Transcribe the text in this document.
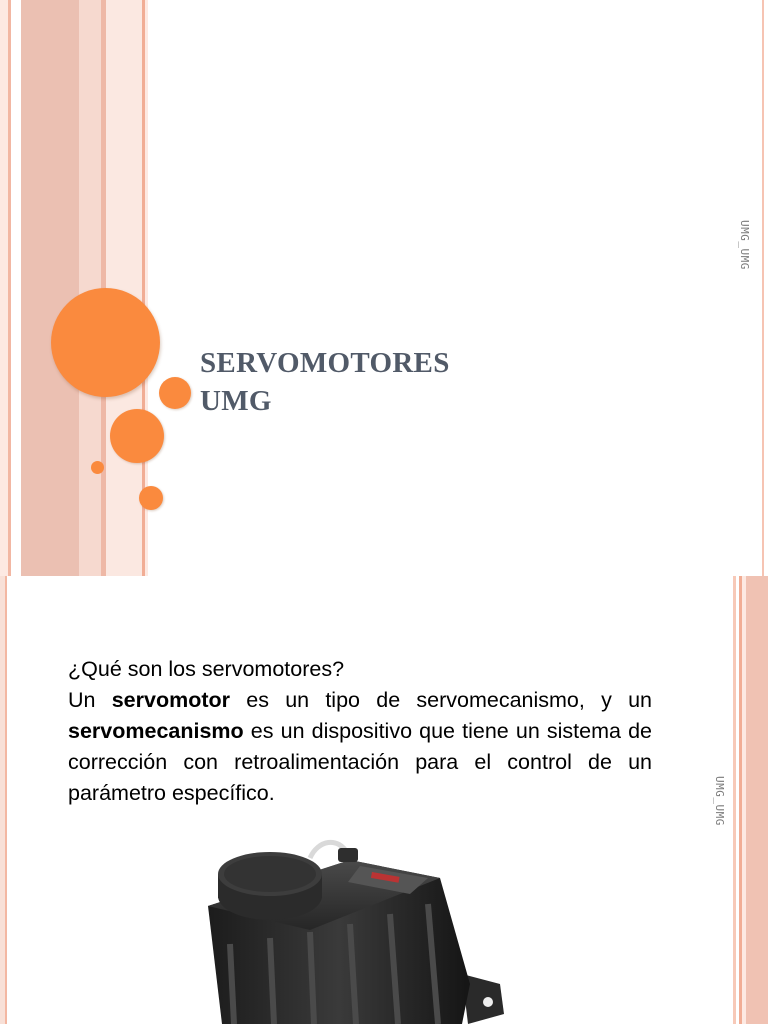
SERVOMOTORES
UMG
UMG_UMG
UMG_UMG

¿Qué son los servomotores?

Un servomotor es un tipo de servomecanismo, y un servomecanismo es un dispositivo que tiene un sistema de corrección con retroalimentación para el control de un parámetro específico.
